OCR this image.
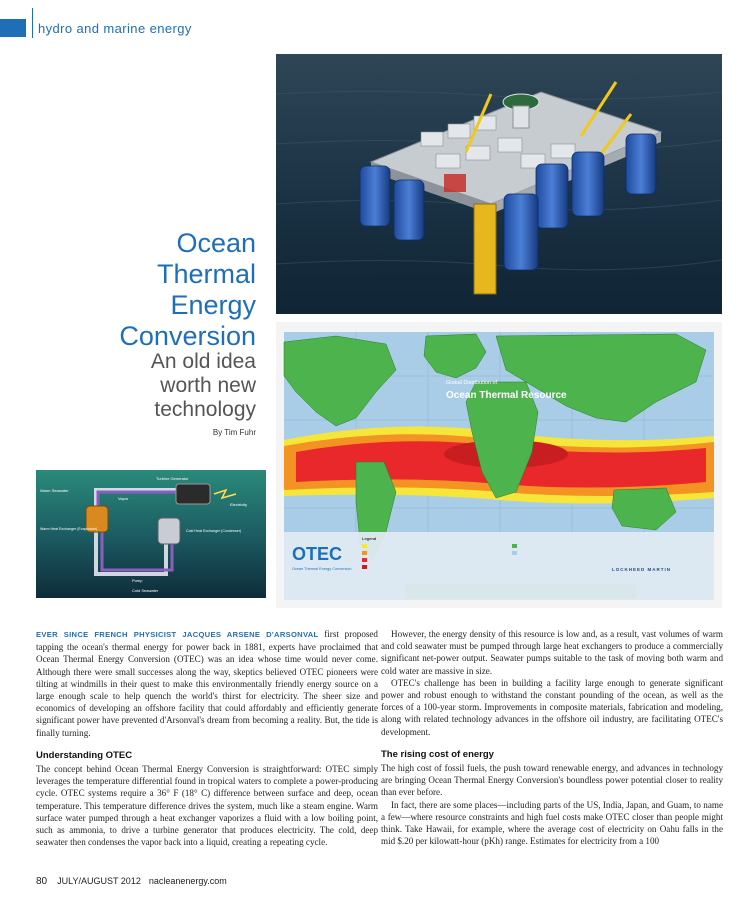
hydro and marine energy
Ocean
Thermal
Energy
Conversion
An old idea
worth new
technology
By Tim Fuhr
Global Distribution of
Ocean Thermal Resource
OTEC
Ocean Thermal Energy Conversion
Legend
LOCKHEED MARTIN
Warm Seawater
Turbine Generator
Warm Heat Exchanger (Evaporator)
Vapor
Electricity
Cold Heat Exchanger (Condenser)
Pump
Cold Seawater

EVER SINCE FRENCH PHYSICIST JACQUES ARSENE D'ARSONVAL first proposed tapping the ocean's thermal energy for power back in 1881, experts have proclaimed that Ocean Thermal Energy Conversion (OTEC) was an idea whose time would never come. Although there were small successes along the way, skeptics believed OTEC pioneers were tilting at windmills in their quest to make this environmentally friendly energy source on a large enough scale to help quench the world's thirst for electricity. The sheer size and economics of developing an offshore facility that could affordably and efficiently generate significant power have prevented d'Arsonval's dream from becoming a reality. But, the tide is finally turning.

Understanding OTEC

The concept behind Ocean Thermal Energy Conversion is straightforward: OTEC simply leverages the temperature differential found in tropical waters to complete a power-producing cycle. OTEC systems require a 36° F (18° C) difference between surface and deep, ocean temperature. This temperature difference drives the system, much like a steam engine. Warm surface water pumped through a heat exchanger vaporizes a fluid with a low boiling point, such as ammonia, to drive a turbine generator that produces electricity. The cold, deep seawater then condenses the vapor back into a liquid, creating a repeating cycle.

However, the energy density of this resource is low and, as a result, vast volumes of warm and cold seawater must be pumped through large heat exchangers to produce a commercially significant net-power output. Seawater pumps suitable to the task of moving both warm and cold water are massive in size.

OTEC's challenge has been in building a facility large enough to generate significant power and robust enough to withstand the constant pounding of the ocean, as well as the forces of a 100-year storm. Improvements in composite materials, fabrication and modeling, along with related technology advances in the offshore oil industry, are facilitating OTEC's development.

The rising cost of energy

The high cost of fossil fuels, the push toward renewable energy, and advances in technology are bringing Ocean Thermal Energy Conversion's boundless power potential closer to reality than ever before.

In fact, there are some places—including parts of the US, India, Japan, and Guam, to name a few—where resource constraints and high fuel costs make OTEC closer than people might think. Take Hawaii, for example, where the average cost of electricity on Oahu falls in the mid $.20 per kilowatt-hour (pKh) range. Estimates for electricity from a 100

80 JULY/AUGUST 2012 nacleanenergy.com
